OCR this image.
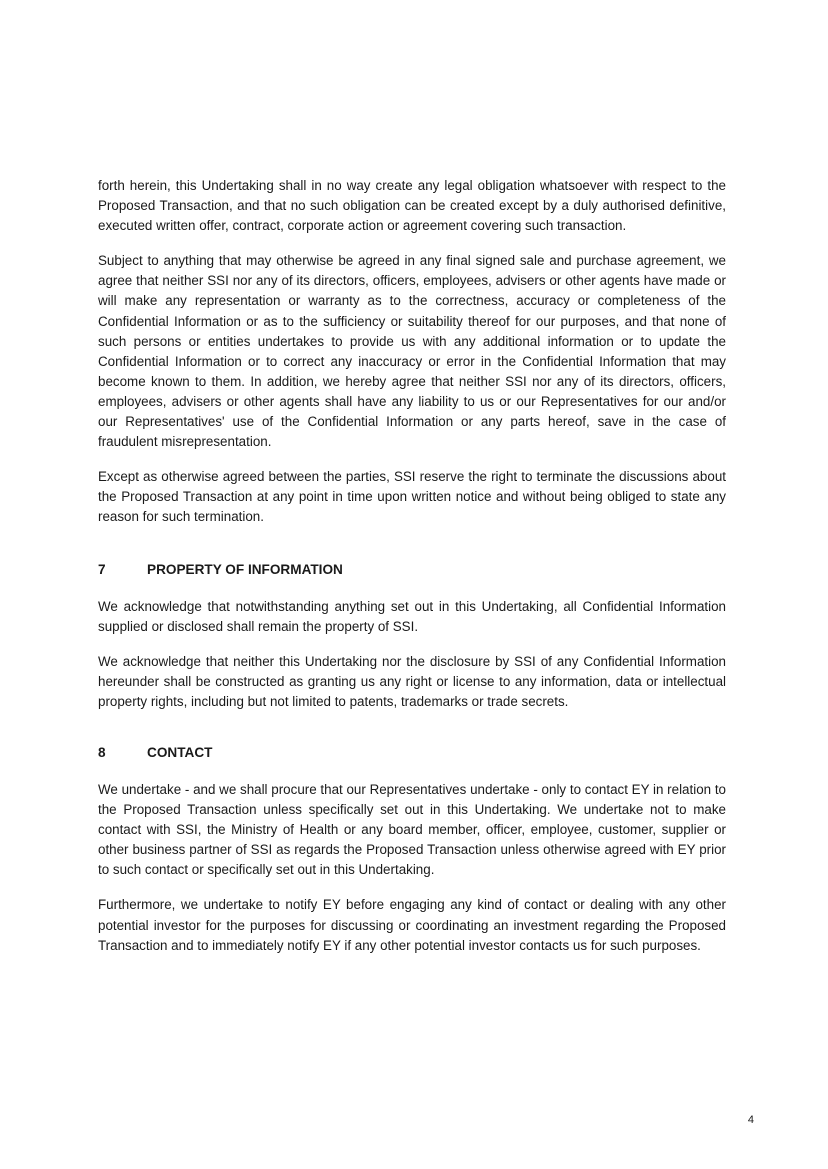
forth herein, this Undertaking shall in no way create any legal obligation whatsoever with respect to the Proposed Transaction, and that no such obligation can be created except by a duly authorised definitive, executed written offer, contract, corporate action or agreement covering such transaction.

Subject to anything that may otherwise be agreed in any final signed sale and purchase agreement, we agree that neither SSI nor any of its directors, officers, employees, advisers or other agents have made or will make any representation or warranty as to the correctness, accuracy or completeness of the Confidential Information or as to the sufficiency or suitability thereof for our purposes, and that none of such persons or entities undertakes to provide us with any additional information or to update the Confidential Information or to correct any inaccuracy or error in the Confidential Information that may become known to them. In addition, we hereby agree that neither SSI nor any of its directors, officers, employees, advisers or other agents shall have any liability to us or our Representatives for our and/or our Representatives' use of the Confidential Information or any parts hereof, save in the case of fraudulent misrepresentation.

Except as otherwise agreed between the parties, SSI reserve the right to terminate the discussions about the Proposed Transaction at any point in time upon written notice and without being obliged to state any reason for such termination.

7	PROPERTY OF INFORMATION

We acknowledge that notwithstanding anything set out in this Undertaking, all Confidential Information supplied or disclosed shall remain the property of SSI.

We acknowledge that neither this Undertaking nor the disclosure by SSI of any Confidential Information hereunder shall be constructed as granting us any right or license to any information, data or intellectual property rights, including but not limited to patents, trademarks or trade secrets.

8	CONTACT

We undertake - and we shall procure that our Representatives undertake - only to contact EY in relation to the Proposed Transaction unless specifically set out in this Undertaking. We undertake not to make contact with SSI, the Ministry of Health or any board member, officer, employee, customer, supplier or other business partner of SSI as regards the Proposed Transaction unless otherwise agreed with EY prior to such contact or specifically set out in this Undertaking.

Furthermore, we undertake to notify EY before engaging any kind of contact or dealing with any other potential investor for the purposes for discussing or coordinating an investment regarding the Proposed Transaction and to immediately notify EY if any other potential investor contacts us for such purposes.

4
